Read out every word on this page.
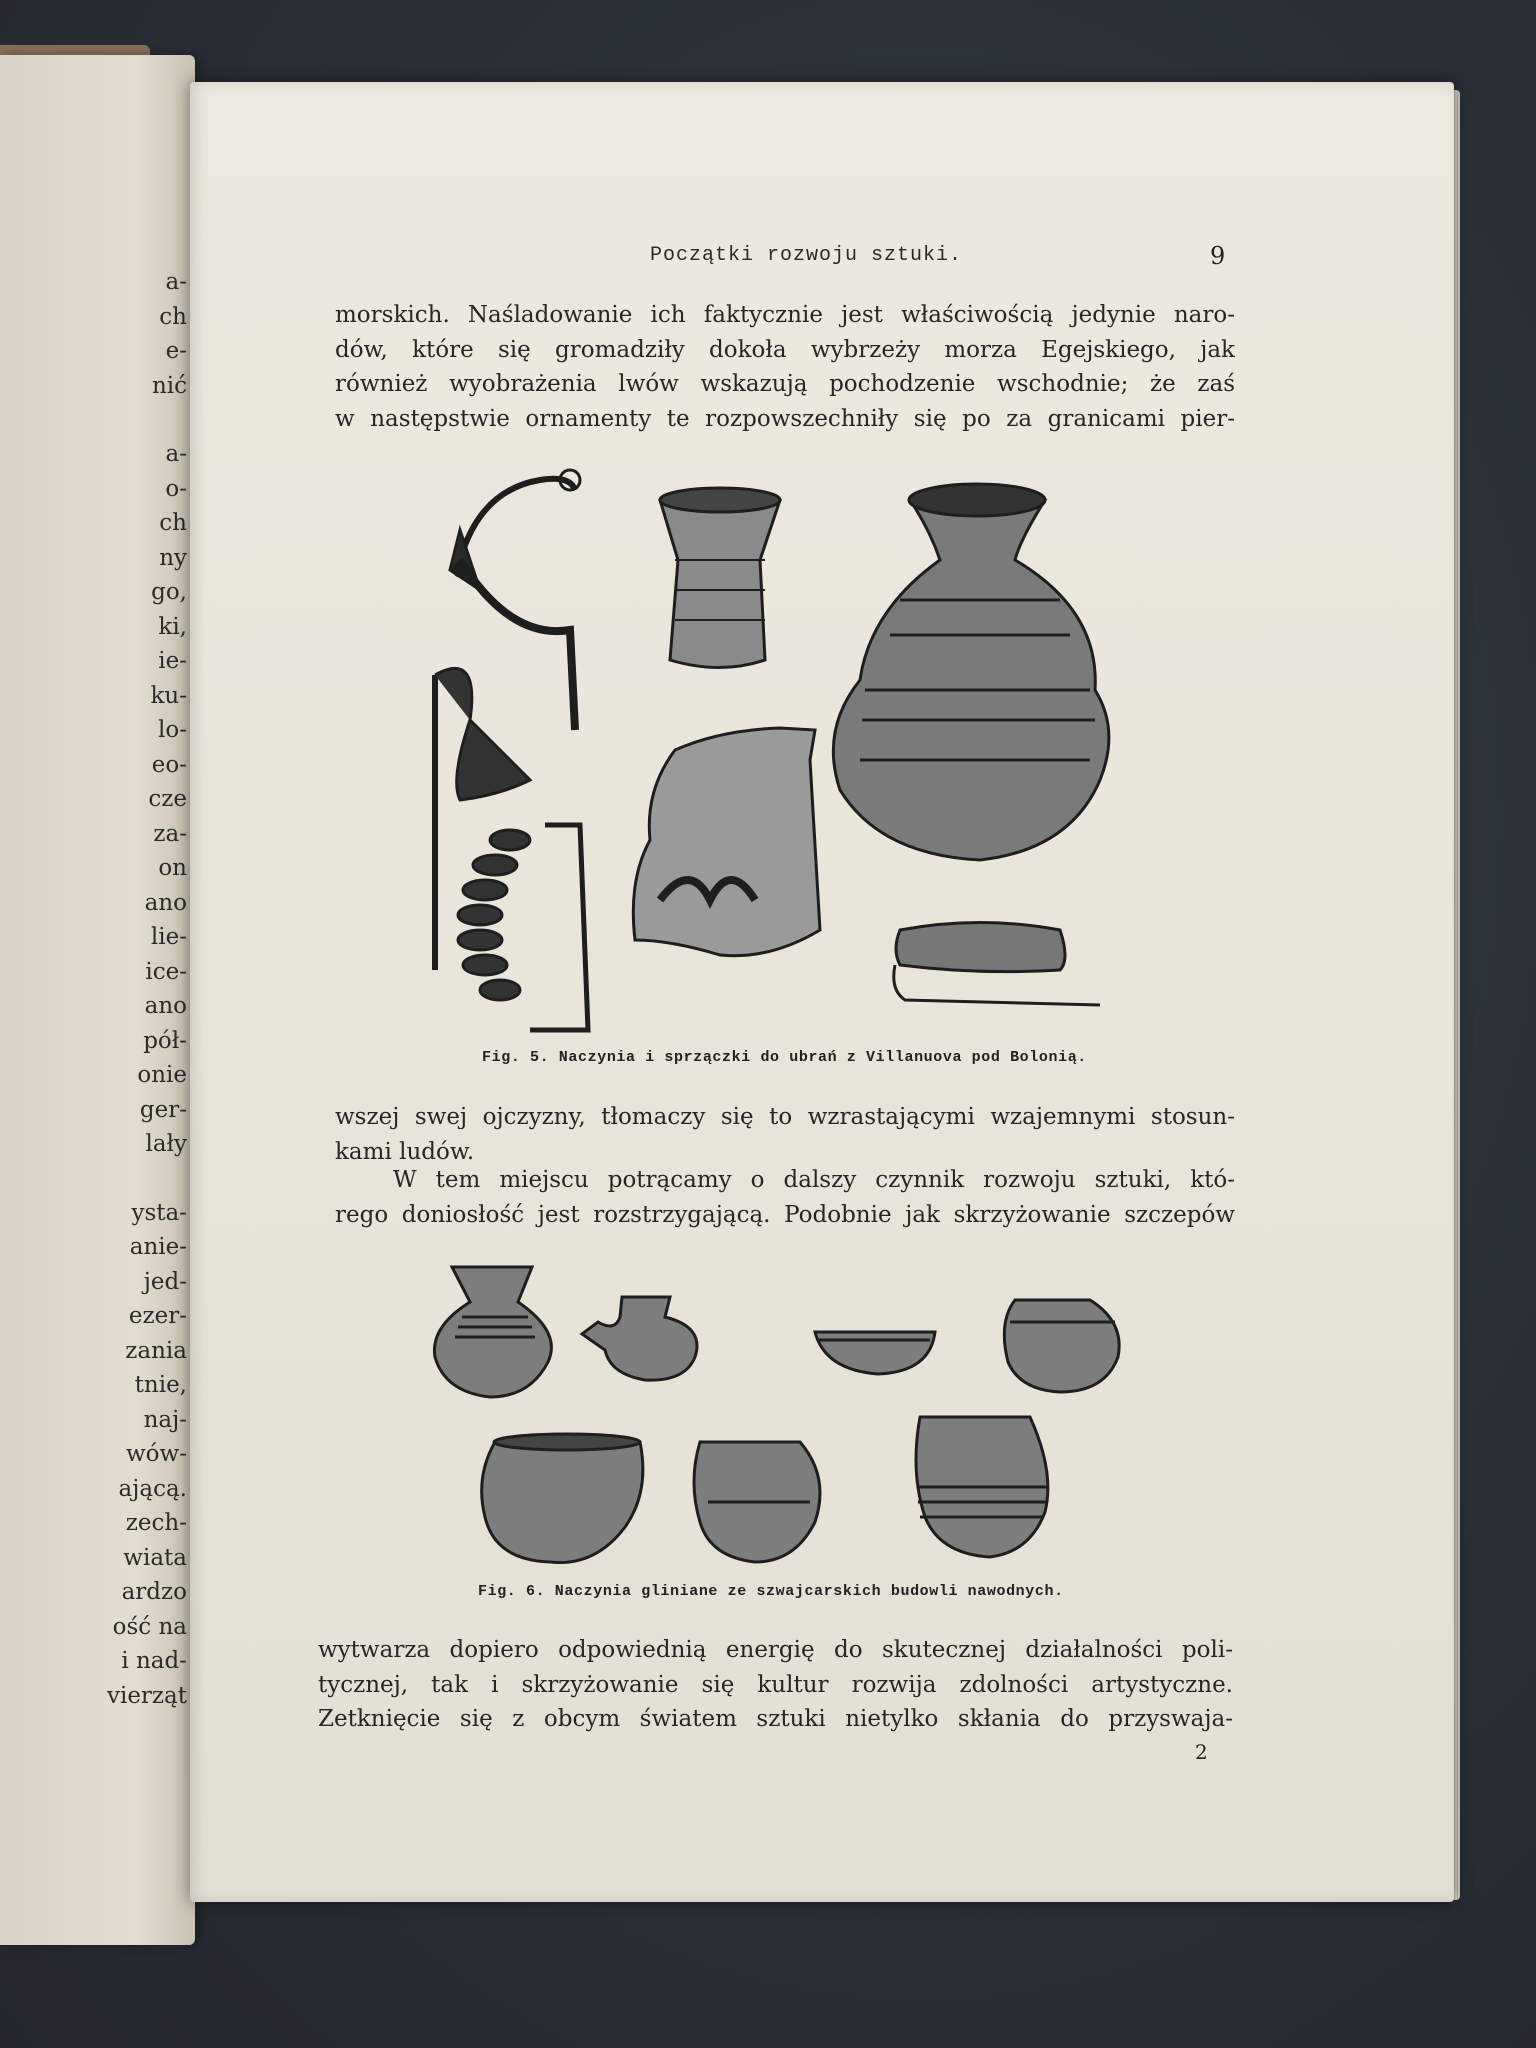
a-
ch
e-
nić
a-
o-
ch
ny
go,
ki,
ie-
ku-
lo-
eo-
cze
za-
on
ano
lie-
ice-
ano
pół-
onie
ger-
lały
ysta-
anie-
jed-
ezer-
zania
tnie,
naj-
wów-
ającą.
zech-
wiata
ardzo
ość na
i nad-
vierząt
Początki rozwoju sztuki.	9
morskich. Naśladowanie ich faktycznie jest właściwością jedynie naro-
dów, które się gromadziły dokoła wybrzeży morza Egejskiego, jak
również wyobrażenia lwów wskazują pochodzenie wschodnie; że zaś
w następstwie ornamenty te rozpowszechniły się po za granicami pier-
Fig. 5. Naczynia i sprzączki do ubrań z Villanuova pod Bolonią.
wszej swej ojczyzny, tłomaczy się to wzrastającymi wzajemnymi stosun-
kami ludów.
W tem miejscu potrącamy o dalszy czynnik rozwoju sztuki, któ-
rego doniosłość jest rozstrzygającą. Podobnie jak skrzyżowanie szczepów
Fig. 6. Naczynia gliniane ze szwajcarskich budowli nawodnych.
wytwarza dopiero odpowiednią energię do skutecznej działalności poli-
tycznej, tak i skrzyżowanie się kultur rozwija zdolności artystyczne.
Zetknięcie się z obcym światem sztuki nietylko skłania do przyswaja-
2
